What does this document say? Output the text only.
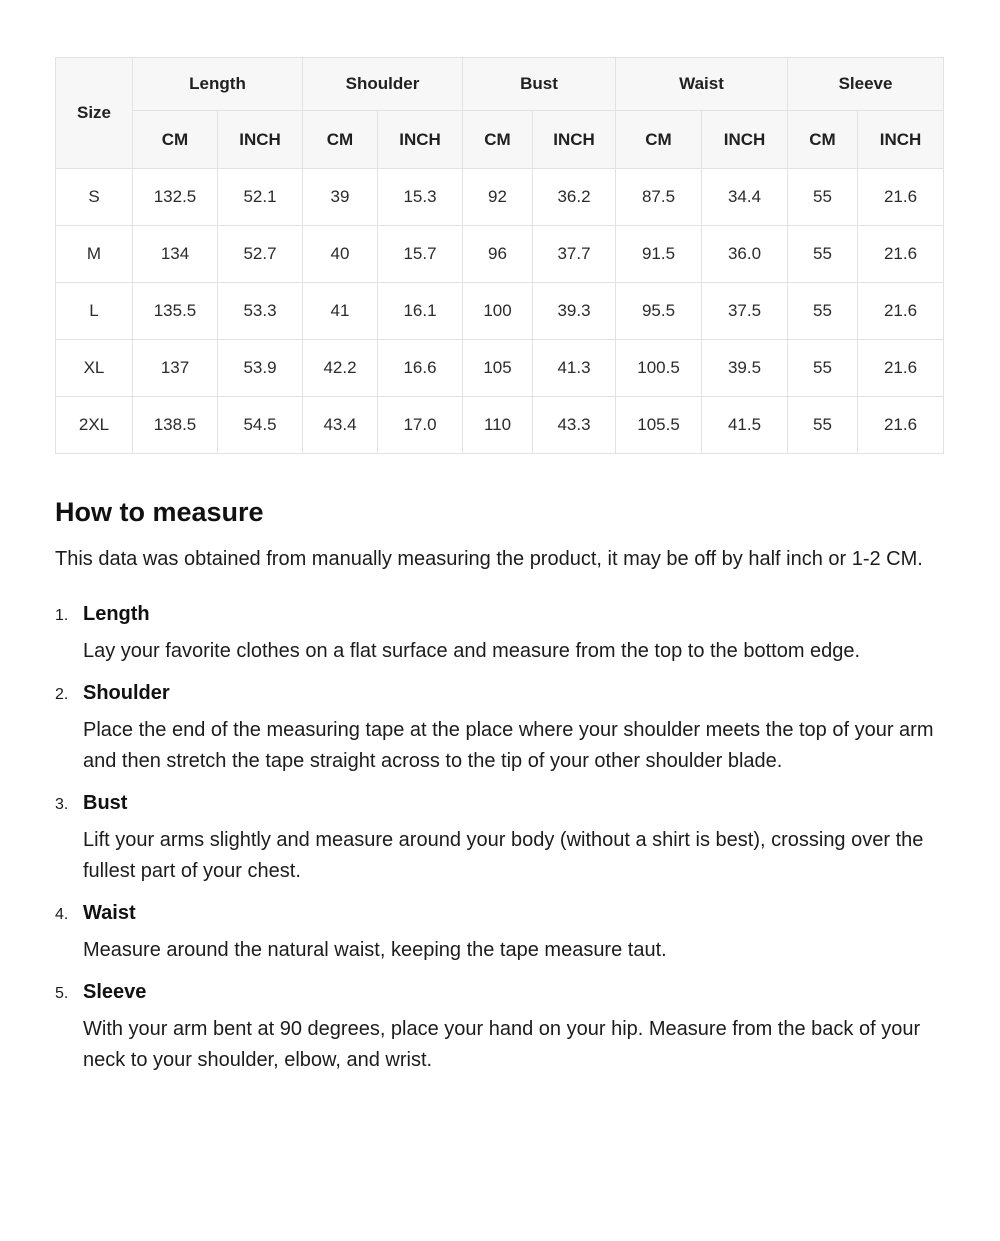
Size	Length		Shoulder		Bust		Waist		Sleeve	
	CM	INCH	CM	INCH	CM	INCH	CM	INCH	CM	INCH
S	132.5	52.1	39	15.3	92	36.2	87.5	34.4	55	21.6
M	134	52.7	40	15.7	96	37.7	91.5	36.0	55	21.6
L	135.5	53.3	41	16.1	100	39.3	95.5	37.5	55	21.6
XL	137	53.9	42.2	16.6	105	41.3	100.5	39.5	55	21.6
2XL	138.5	54.5	43.4	17.0	110	43.3	105.5	41.5	55	21.6
How to measure

This data was obtained from manually measuring the product, it may be off by half inch or 1-2 CM.

1. Length

Lay your favorite clothes on a flat surface and measure from the top to the bottom edge.

2. Shoulder

Place the end of the measuring tape at the place where your shoulder meets the top of your arm and then stretch the tape straight across to the tip of your other shoulder blade.

3. Bust

Lift your arms slightly and measure around your body (without a shirt is best), crossing over the fullest part of your chest.

4. Waist

Measure around the natural waist, keeping the tape measure taut.

5. Sleeve

With your arm bent at 90 degrees, place your hand on your hip. Measure from the back of your neck to your shoulder, elbow, and wrist.
